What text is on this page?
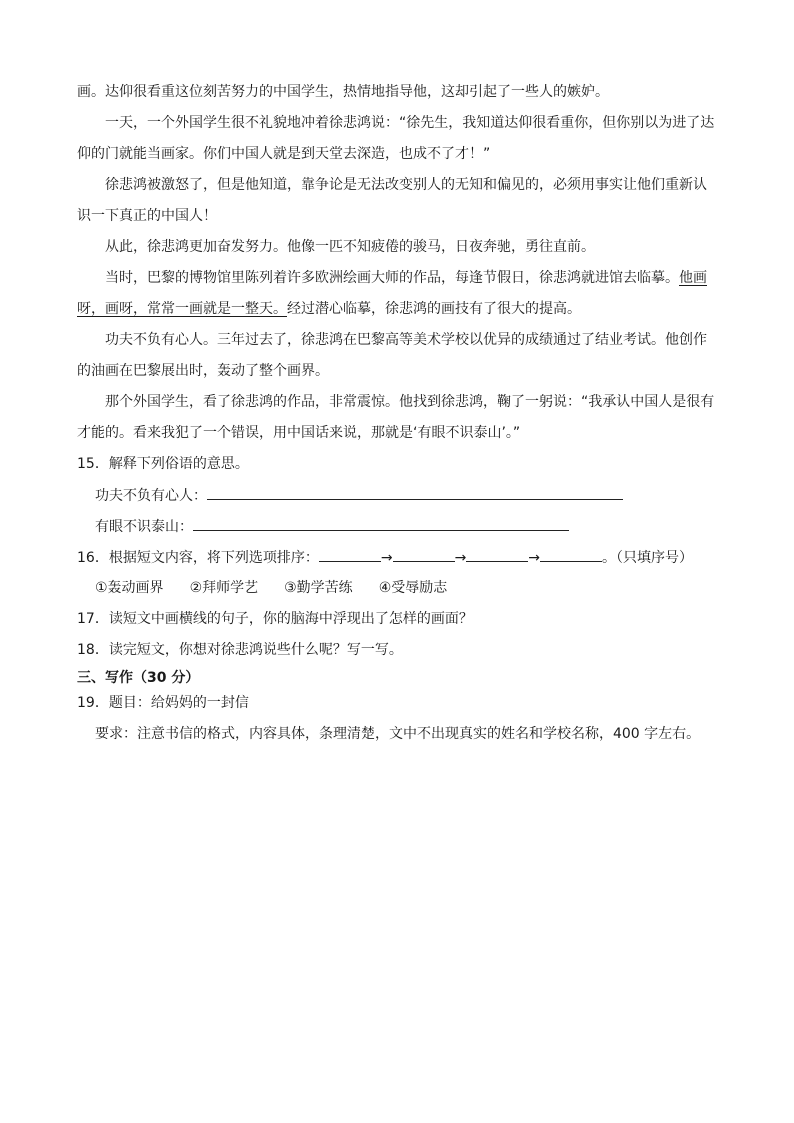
画。达仰很看重这位刻苦努力的中国学生，热情地指导他，这却引起了一些人的嫉妒。
一天，一个外国学生很不礼貌地冲着徐悲鸿说：“徐先生，我知道达仰很看重你，但你别以为进了达
仰的门就能当画家。你们中国人就是到天堂去深造，也成不了才！”
徐悲鸿被激怒了，但是他知道，靠争论是无法改变别人的无知和偏见的，必须用事实让他们重新认
识一下真正的中国人！
从此，徐悲鸿更加奋发努力。他像一匹不知疲倦的骏马，日夜奔驰，勇往直前。
当时，巴黎的博物馆里陈列着许多欧洲绘画大师的作品，每逢节假日，徐悲鸿就进馆去临摹。他画
呀，画呀，常常一画就是一整天。经过潜心临摹，徐悲鸿的画技有了很大的提高。
功夫不负有心人。三年过去了，徐悲鸿在巴黎高等美术学校以优异的成绩通过了结业考试。他创作
的油画在巴黎展出时，轰动了整个画界。
那个外国学生，看了徐悲鸿的作品，非常震惊。他找到徐悲鸿，鞠了一躬说：“我承认中国人是很有
才能的。看来我犯了一个错误，用中国话来说，那就是‘有眼不识泰山’。”
15．解释下列俗语的意思。
功夫不负有心人：
有眼不识泰山：
16．根据短文内容，将下列选项排序：	→	→	→	。（只填序号）
①轰动画界 ②拜师学艺 ③勤学苦练 ④受辱励志
17．读短文中画横线的句子，你的脑海中浮现出了怎样的画面？
18．读完短文，你想对徐悲鸿说些什么呢？写一写。
三、写作（30 分）
19．题目：给妈妈的一封信
要求：注意书信的格式，内容具体，条理清楚，文中不出现真实的姓名和学校名称，400 字左右。
